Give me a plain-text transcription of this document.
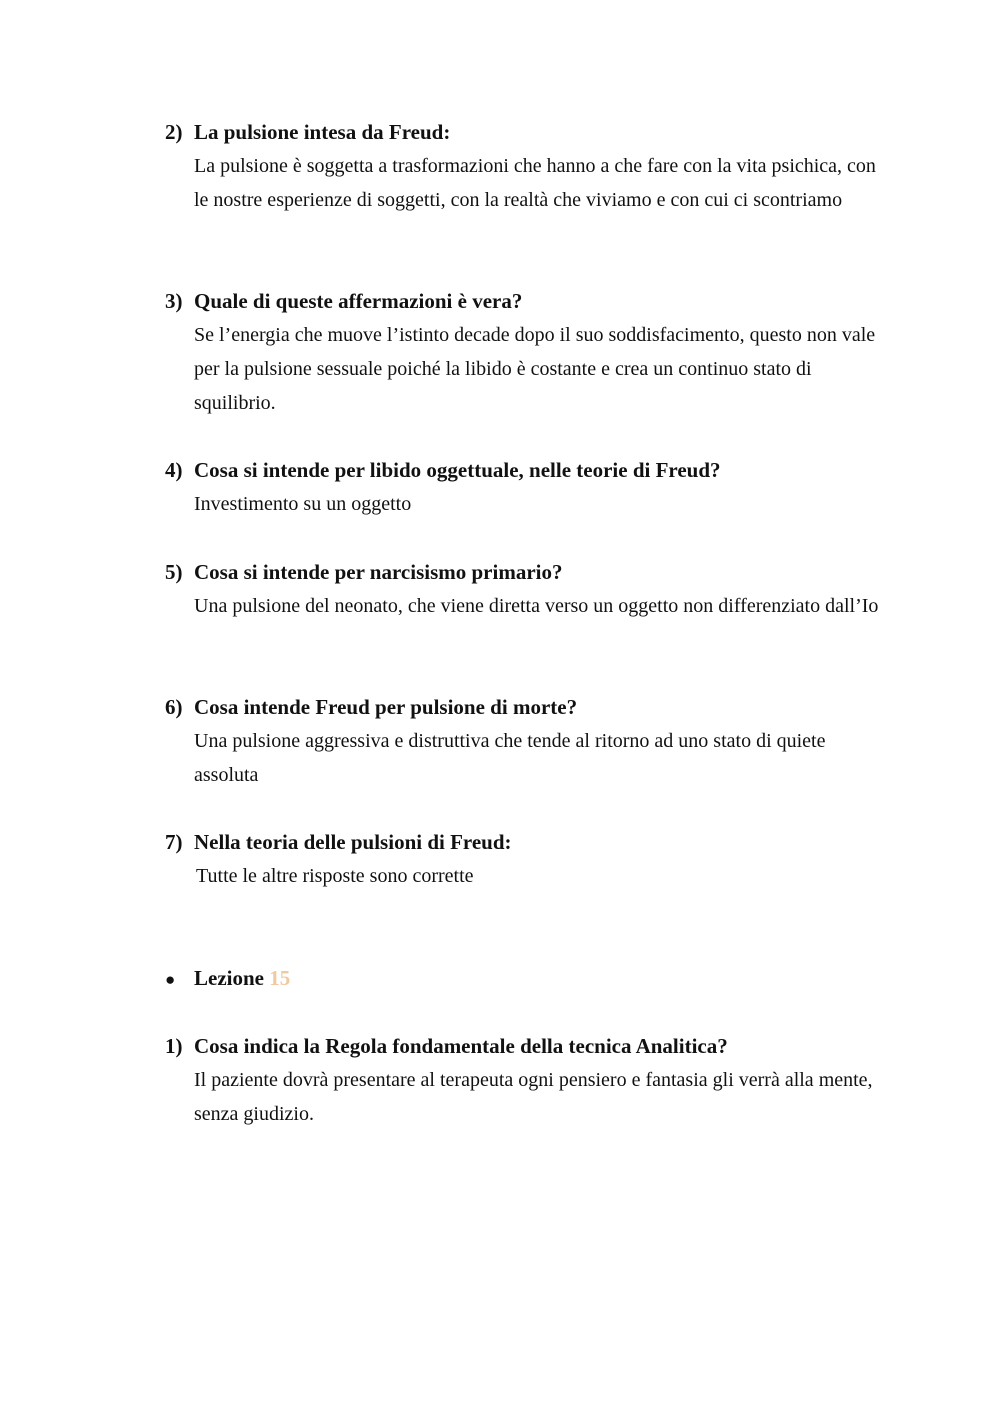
2) La pulsione intesa da Freud:
La pulsione è soggetta a trasformazioni che hanno a che fare con la vita psichica, con le nostre esperienze di soggetti, con la realtà che viviamo e con cui ci scontriamo
3) Quale di queste affermazioni è vera?
Se l’energia che muove l’istinto decade dopo il suo soddisfacimento, questo non vale per la pulsione sessuale poiché la libido è costante e crea un continuo stato di squilibrio.
4) Cosa si intende per libido oggettuale, nelle teorie di Freud?
Investimento su un oggetto
5) Cosa si intende per narcisismo primario?
Una pulsione del neonato, che viene diretta verso un oggetto non differenziato dall’Io
6) Cosa intende Freud per pulsione di morte?
Una pulsione aggressiva e distruttiva che tende al ritorno ad uno stato di quiete assoluta
7) Nella teoria delle pulsioni di Freud:
Tutte le altre risposte sono corrette
● Lezione 15
1) Cosa indica la Regola fondamentale della tecnica Analitica?
Il paziente dovrà presentare al terapeuta ogni pensiero e fantasia gli verrà alla mente, senza giudizio.
